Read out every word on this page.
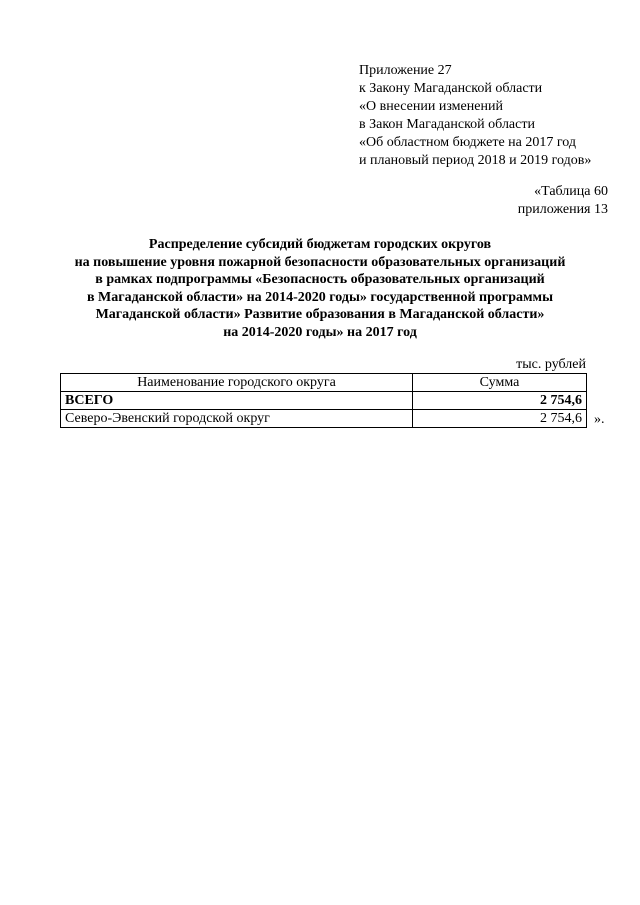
Приложение 27
к Закону Магаданской области
«О внесении изменений
в Закон Магаданской области
«Об областном бюджете на 2017 год
и плановый период 2018 и 2019 годов»
«Таблица 60
приложения 13
Распределение субсидий бюджетам городских округов
на повышение уровня пожарной безопасности образовательных организаций
в рамках подпрограммы «Безопасность образовательных организаций
в Магаданской области» на 2014-2020 годы» государственной программы
Магаданской области» Развитие образования в Магаданской области»
на 2014-2020 годы» на 2017 год
тыс. рублей
Наименование городского округа	Сумма
ВСЕГО	2 754,6
Северо-Эвенский городской округ	2 754,6 ».
